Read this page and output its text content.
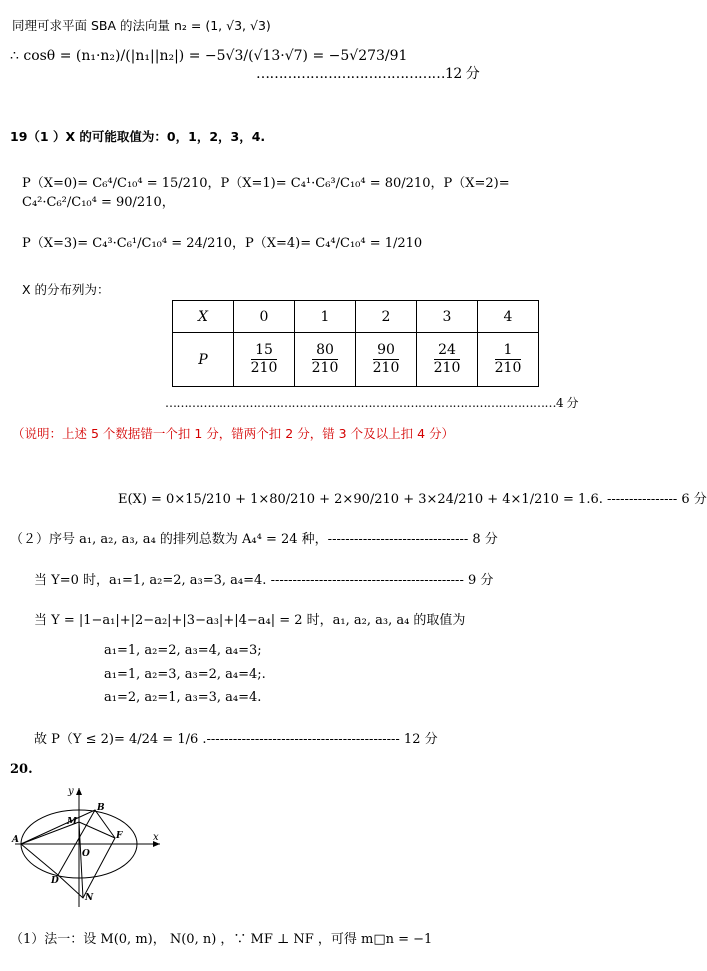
同理可求平面 SBA 的法向量 n₂ = (1, √3, √3)
∴ cosθ = (n₁·n₂)/(|n₁||n₂|) = −5√3/(√13·√7) = −5√273/91
……………………………………12 分
19（1 ）X 的可能取值为：0，1，2，3，4.
P（X=0)= C₆⁴/C₁₀⁴ = 15/210，P（X=1)= C₄¹·C₆³/C₁₀⁴ = 80/210，P（X=2)= C₄²·C₆²/C₁₀⁴ = 90/210，
P（X=3)= C₄³·C₆¹/C₁₀⁴ = 24/210，P（X=4)= C₄⁴/C₁₀⁴ = 1/210
X 的分布列为：
X	0	1	2	3	4
P	$\frac{15}{210}$	$\frac{80}{210}$	$\frac{90}{210}$	$\frac{24}{210}$	$\frac{1}{210}$
…………………………………………………………………………………………4 分
（说明：上述 5 个数据错一个扣 1 分，错两个扣 2 分，错 3 个及以上扣 4 分）
E(X) = 0×15/210 + 1×80/210 + 2×90/210 + 3×24/210 + 4×1/210 = 1.6. ---------------- 6 分
（２）序号 a₁, a₂, a₃, a₄ 的排列总数为 A₄⁴ = 24 种，-------------------------------- 8 分
当 Y=0 时，a₁=1, a₂=2, a₃=3, a₄=4. -------------------------------------------- 9 分
当 Y = |1−a₁|+|2−a₂|+|3−a₃|+|4−a₄| = 2 时，a₁, a₂, a₃, a₄ 的取值为
a₁=1, a₂=2, a₃=4, a₄=3;
a₁=1, a₂=3, a₃=2, a₄=4;.
a₁=2, a₂=1, a₃=3, a₄=4.
故 P（Y ≤ 2)= 4/24 = 1/6 .-------------------------------------------- 12 分
20.
y
x
A
B
M
F
O
D
N
（1）法一：设 M(0, m)， N(0, n) ，∵ MF ⊥ NF ，可得 m□n = −1
